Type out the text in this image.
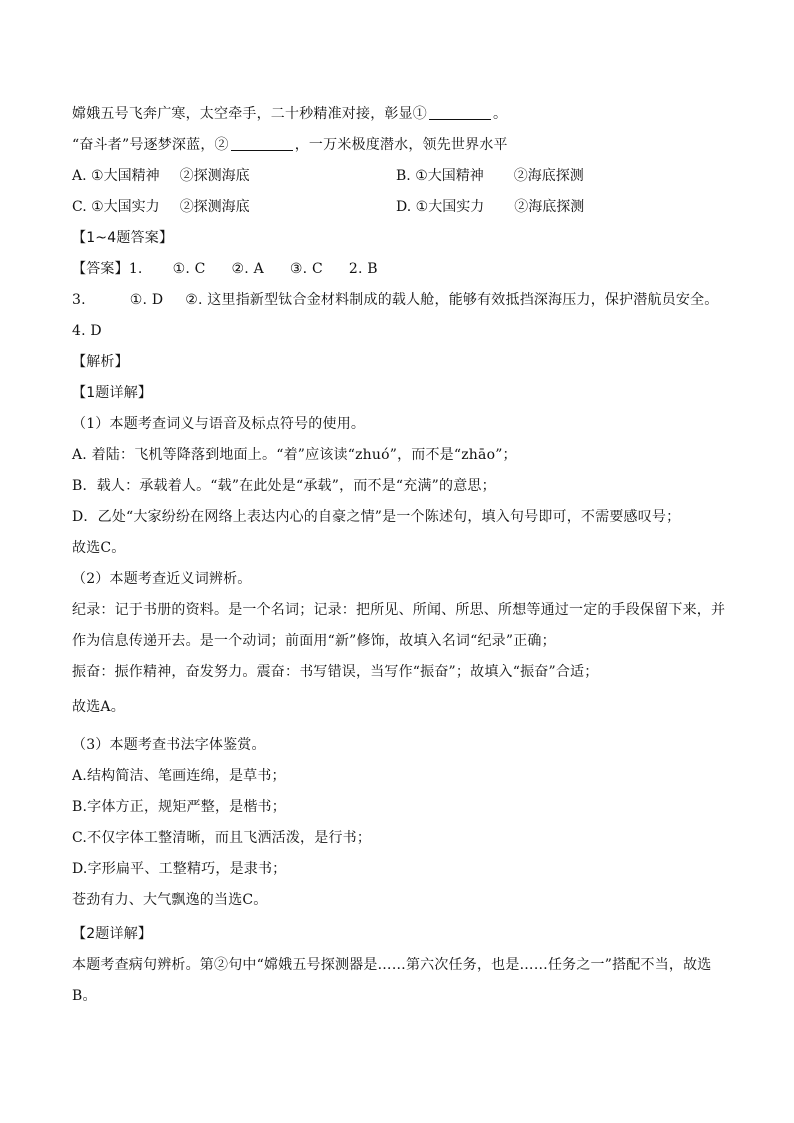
嫦娥五号飞奔广寒，太空牵手，二十秒精准对接，彰显①	。
“奋斗者”号逐梦深蓝，②	，一万米极度潜水，领先世界水平
A. ①大国精神 ②探测海底	B. ①大国精神 ②海底探测
C. ①大国实力 ②探测海底	D. ①大国实力 ②海底探测
【1~4题答案】
【答案】1. ①. C ②. A ③. C 2. B
3.	①. D ②. 这里指新型钛合金材料制成的载人舱，能够有效抵挡深海压力，保护潜航员安全。
4. D
【解析】
【1题详解】
（1）本题考查词义与语音及标点符号的使用。
A. 着陆：飞机等降落到地面上。“着”应该读“zhuó”，而不是“zhāo”；
B．载人：承载着人。“载”在此处是“承载”，而不是“充满”的意思；
D．乙处“大家纷纷在网络上表达内心的自豪之情”是一个陈述句，填入句号即可，不需要感叹号；
故选C。
（2）本题考查近义词辨析。
纪录：记于书册的资料。是一个名词；记录：把所见、所闻、所思、所想等通过一定的手段保留下来，并
作为信息传递开去。是一个动词；前面用“新”修饰，故填入名词“纪录”正确；
振奋：振作精神，奋发努力。震奋：书写错误，当写作“振奋”；故填入“振奋”合适；
故选A。
（3）本题考查书法字体鉴赏。
A.结构简洁、笔画连绵，是草书；
B.字体方正，规矩严整，是楷书；
C.不仅字体工整清晰，而且飞洒活泼，是行书；
D.字形扁平、工整精巧，是隶书；
苍劲有力、大气飘逸的当选C。
【2题详解】
本题考查病句辨析。第②句中“嫦娥五号探测器是……第六次任务，也是……任务之一”搭配不当，故选
B。
